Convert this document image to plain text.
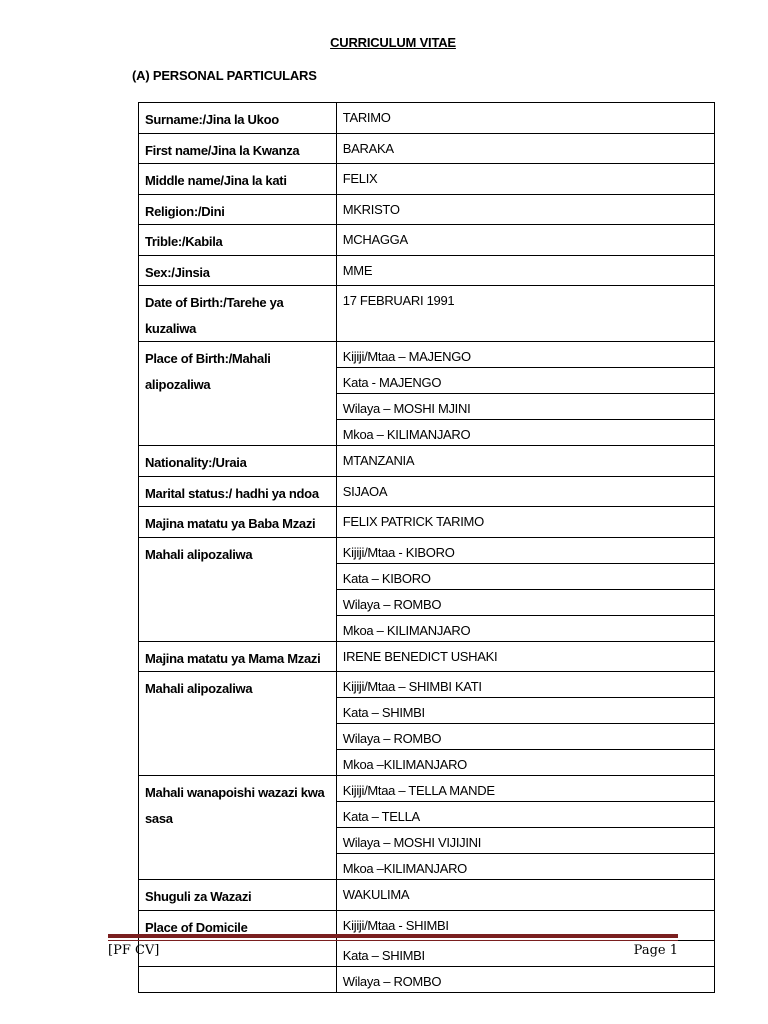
CURRICULUM VITAE
(A) PERSONAL PARTICULARS
Surname:/Jina la Ukoo	TARIMO
First name/Jina la Kwanza	BARAKA
Middle name/Jina la kati	FELIX
Religion:/Dini	MKRISTO
Trible:/Kabila	MCHAGGA
Sex:/Jinsia	MME
Date of Birth:/Tarehe ya kuzaliwa	17 FEBRUARI 1991
Place of Birth:/Mahali alipozaliwa	Kijiji/Mtaa – MAJENGO
	Kata - MAJENGO
	Wilaya – MOSHI MJINI
	Mkoa – KILIMANJARO
Nationality:/Uraia	MTANZANIA
Marital status:/ hadhi ya ndoa	SIJAOA
Majina matatu ya Baba Mzazi	FELIX PATRICK TARIMO
Mahali alipozaliwa	Kijiji/Mtaa - KIBORO
	Kata – KIBORO
	Wilaya – ROMBO
	Mkoa – KILIMANJARO
Majina matatu ya Mama Mzazi	IRENE BENEDICT USHAKI
Mahali alipozaliwa	Kijiji/Mtaa – SHIMBI KATI
	Kata – SHIMBI
	Wilaya – ROMBO
	Mkoa –KILIMANJARO
Mahali wanapoishi wazazi kwa sasa	Kijiji/Mtaa – TELLA MANDE
	Kata – TELLA
	Wilaya – MOSHI VIJIJINI
	Mkoa –KILIMANJARO
Shuguli za Wazazi	WAKULIMA
Place of Domicile	Kijiji/Mtaa - SHIMBI
	Kata – SHIMBI
	Wilaya – ROMBO
[PF CV]	Page 1
